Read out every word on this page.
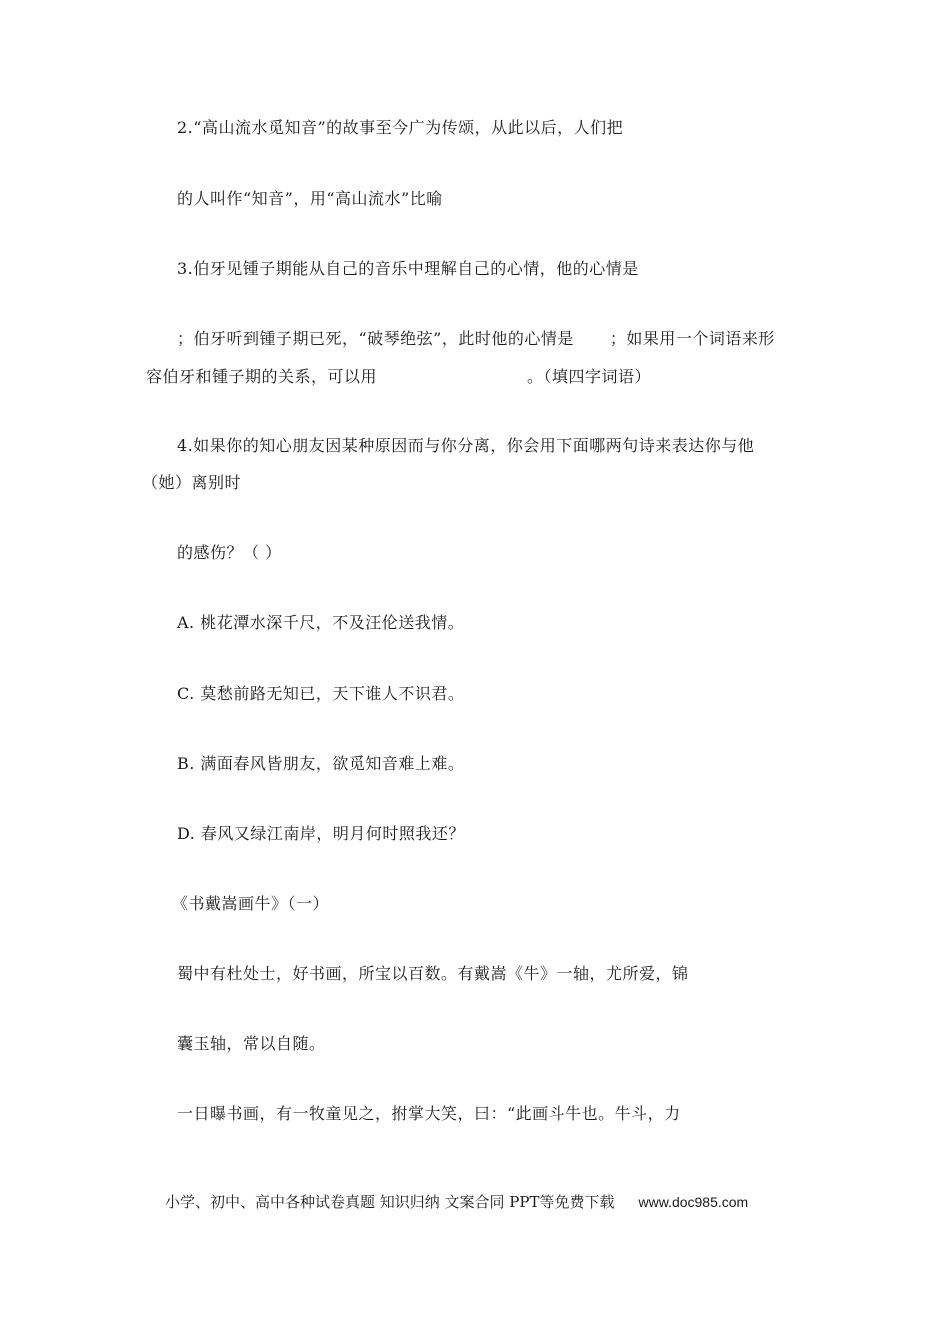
2.“高山流水觅知音”的故事至今广为传颂，从此以后，人们把
的人叫作“知音”，用“高山流水”比喻
3.伯牙见锺子期能从自己的音乐中理解自己的心情，他的心情是
；伯牙听到锺子期已死，“破琴绝弦”，此时他的心情是 ；如果用一个词语来形
容伯牙和锺子期的关系，可以用	。（填四字词语）
4.如果你的知心朋友因某种原因而与你分离，你会用下面哪两句诗来表达你与他
（她）离别时
的感伤？（ ）
A. 桃花潭水深千尺，不及汪伦送我情。
C. 莫愁前路无知已，天下谁人不识君。
B. 满面春风皆朋友，欲觅知音难上难。
D. 春风又绿江南岸，明月何时照我还？
《书戴嵩画牛》（一）
蜀中有杜处士，好书画，所宝以百数。有戴嵩《牛》一轴，尤所爱，锦
囊玉轴，常以自随。
一日曝书画，有一牧童见之，拊掌大笑，曰：“此画斗牛也。牛斗，力
小学、初中、高中各种试卷真题 知识归纳 文案合同 PPT等免费下载 www.doc985.com
